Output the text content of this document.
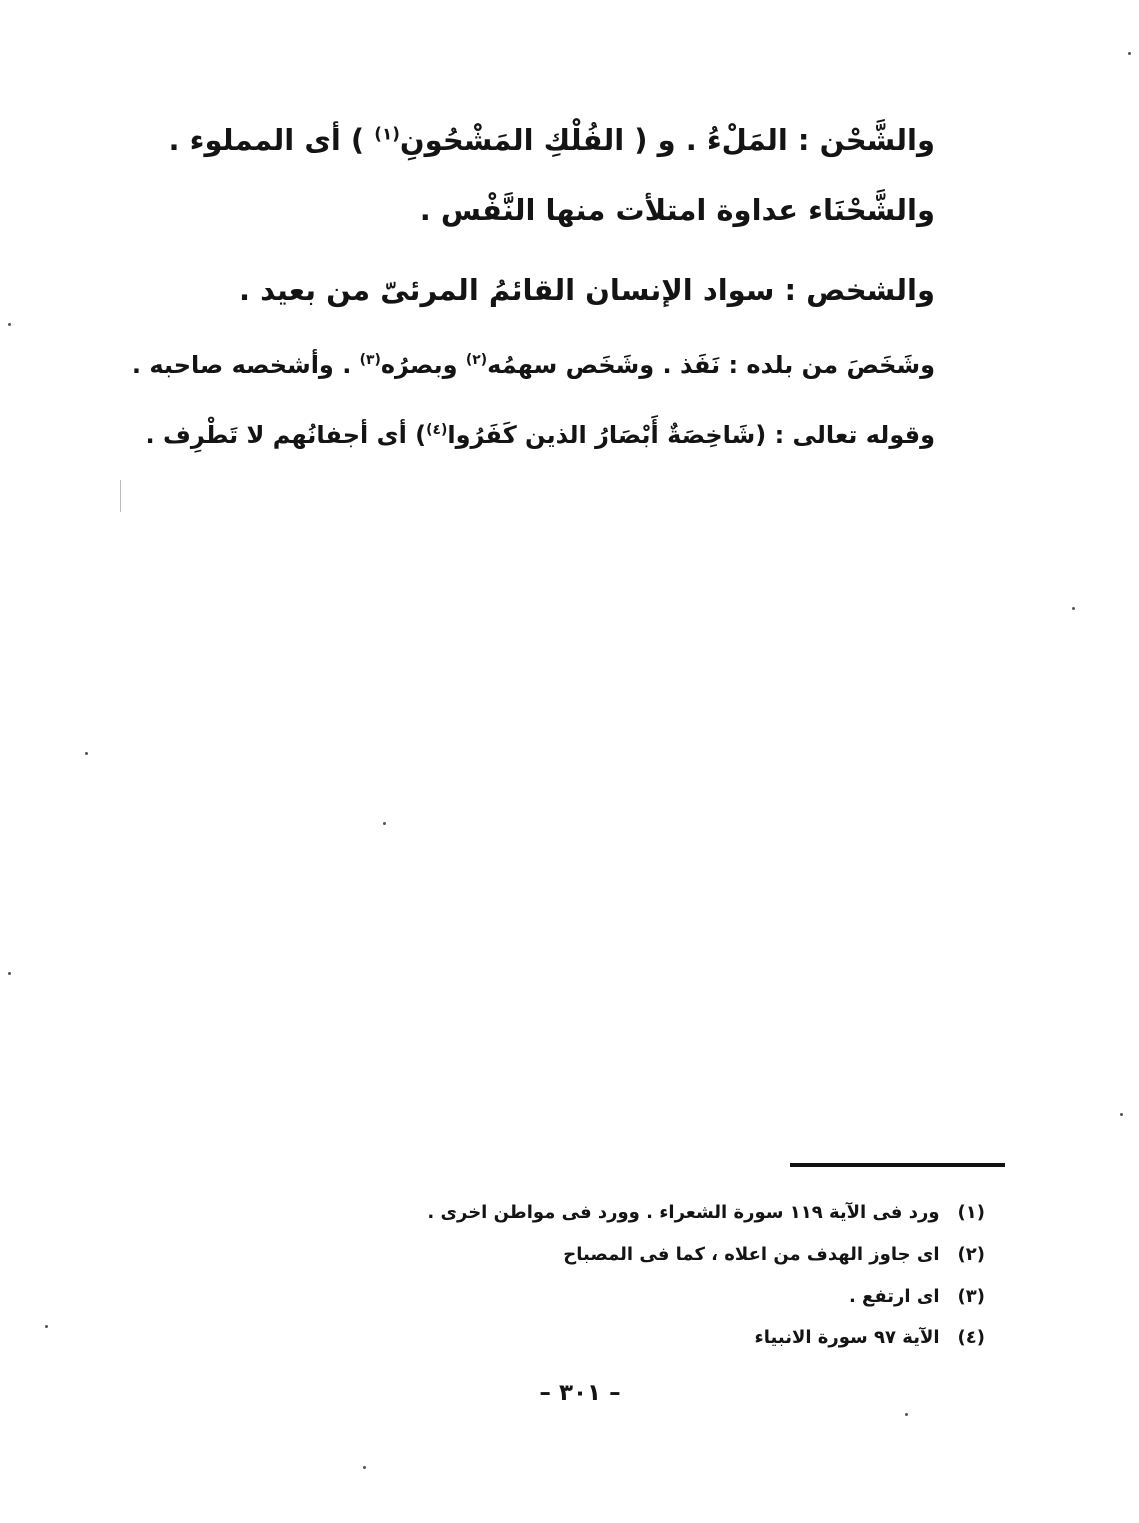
والشَّحْن : المَلْءُ . و ( الفُلْكِ المَشْحُونِ$^{(١)}$ ) أى المملوء .
والشَّحْنَاء عداوة امتلأت منها النَّفْس .
والشخص : سواد الإنسان القائمُ المرئىّ من بعيد .
وشَخَصَ من بلده : نَفَذ . وشَخَص سهمُه$^{(٢)}$ وبصرُه$^{(٣)}$ . وأشخصه صاحبه .
وقوله تعالى : (شَاخِصَةٌ أَبْصَارُ الذين كَفَرُوا$^{(٤)}$) أى أجفانُهم لا تَطْرِف .
(١)
ورد فى الآية ١١٩ سورة الشعراء . وورد فى مواطن اخرى .
(٢)
اى جاوز الهدف من اعلاه ، كما فى المصباح
(٣)
اى ارتفع .
(٤)
الآية ٩٧ سورة الانبياء
– ٣٠١ –
